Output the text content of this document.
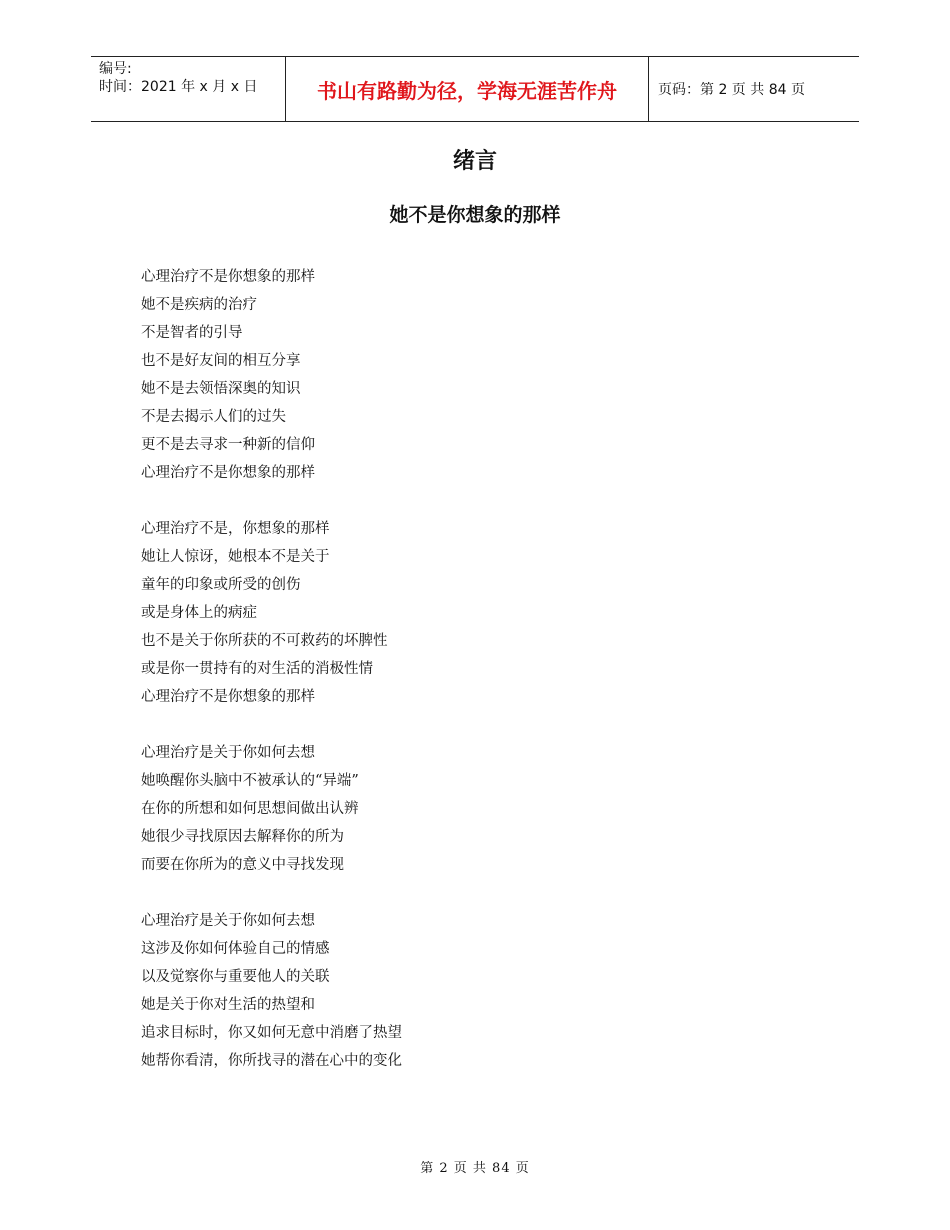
编号:
时间：2021 年 x 月 x 日	书山有路勤为径，学海无涯苦作舟	页码：第 2 页 共 84 页
绪言
她不是你想象的那样
心理治疗不是你想象的那样
她不是疾病的治疗
不是智者的引导
也不是好友间的相互分享
她不是去领悟深奥的知识
不是去揭示人们的过失
更不是去寻求一种新的信仰
心理治疗不是你想象的那样
心理治疗不是，你想象的那样
她让人惊讶，她根本不是关于
童年的印象或所受的创伤
或是身体上的病症
也不是关于你所获的不可救药的坏脾性
或是你一贯持有的对生活的消极性情
心理治疗不是你想象的那样
心理治疗是关于你如何去想
她唤醒你头脑中不被承认的“异端”
在你的所想和如何思想间做出认辨
她很少寻找原因去解释你的所为
而要在你所为的意义中寻找发现
心理治疗是关于你如何去想
这涉及你如何体验自己的情感
以及觉察你与重要他人的关联
她是关于你对生活的热望和
追求目标时，你又如何无意中消磨了热望
她帮你看清，你所找寻的潜在心中的变化
第 2 页 共 84 页
